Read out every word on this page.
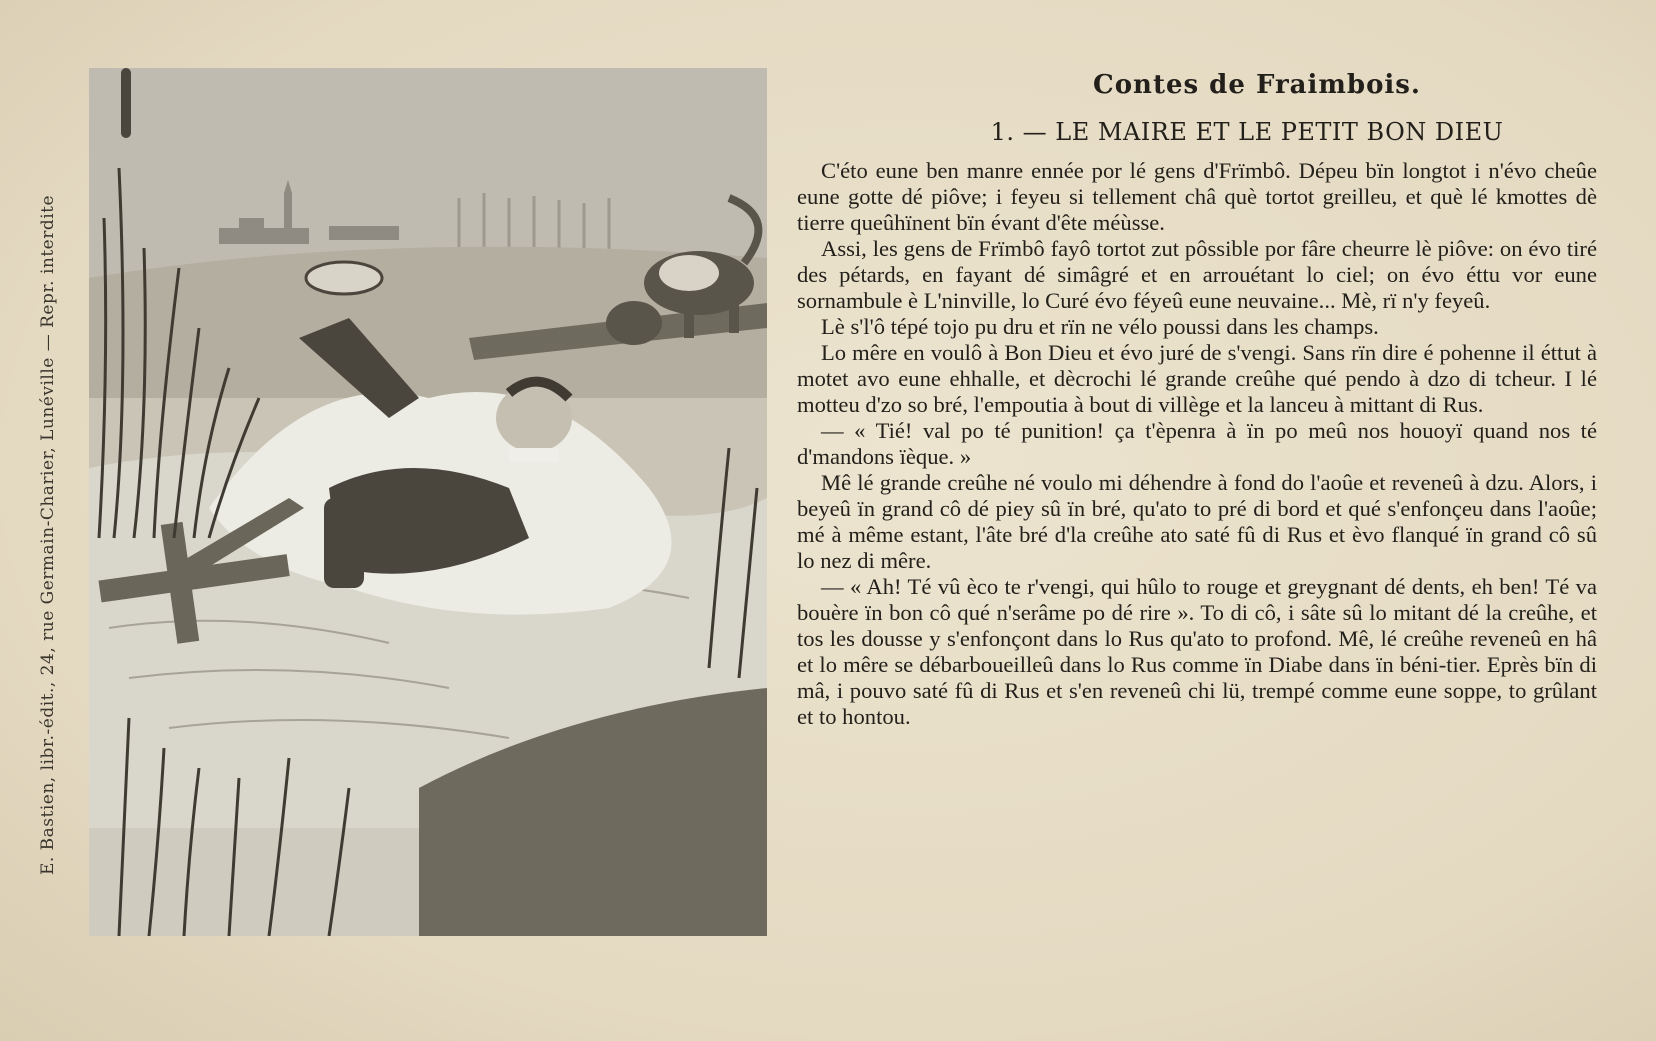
E. Bastien, libr.-édit., 24, rue Germain-Charier, Lunéville — Repr. interdite
Contes de Fraimbois.
1. — LE MAIRE ET LE PETIT BON DIEU

C'éto eune ben manre ennée por lé gens d'Frïmbô. Dépeu bïn longtot i n'évo cheûe eune gotte dé piôve; i feyeu si tellement châ què tortot greilleu, et què lé kmottes dè tierre queûhïnent bïn évant d'ête méùsse.

Assi, les gens de Frïmbô fayô tortot zut pôssible por fâre cheurre lè piôve: on évo tiré des pétards, en fayant dé simâgré et en arrouétant lo ciel; on évo éttu vor eune sornambule è L'ninville, lo Curé évo féyeû eune neuvaine... Mè, rï n'y feyeû.

Lè s'l'ô tépé tojo pu dru et rïn ne vélo poussi dans les champs.

Lo mêre en voulô à Bon Dieu et évo juré de s'vengi. Sans rïn dire é pohenne il éttut à motet avo eune ehhalle, et dècrochi lé grande creûhe qué pendo à dzo di tcheur. I lé motteu d'zo so bré, l'empoutia à bout di villège et la lanceu à mittant di Rus.

— « Tié! val po té punition! ça t'èpenra à ïn po meû nos houoyï quand nos té d'mandons ïèque. »

Mê lé grande creûhe né voulo mi déhendre à fond do l'aoûe et reveneû à dzu. Alors, i beyeû ïn grand cô dé piey sû ïn bré, qu'ato to pré di bord et qué s'enfonçeu dans l'aoûe; mé à même estant, l'âte bré d'la creûhe ato saté fû di Rus et èvo flanqué ïn grand cô sû lo nez di mêre.

— « Ah! Té vû èco te r'vengi, qui hûlo to rouge et greygnant dé dents, eh ben! Té va bouère ïn bon cô qué n'serâme po dé rire ». To di cô, i sâte sû lo mitant dé la creûhe, et tos les dousse y s'enfonçont dans lo Rus qu'ato to profond. Mê, lé creûhe reveneû en hâ et lo mêre se débarboueilleû dans lo Rus comme ïn Diabe dans ïn béni-tier. Eprès bïn di mâ, i pouvo saté fû di Rus et s'en reveneû chi lü, trempé comme eune soppe, to grûlant et to hontou.
